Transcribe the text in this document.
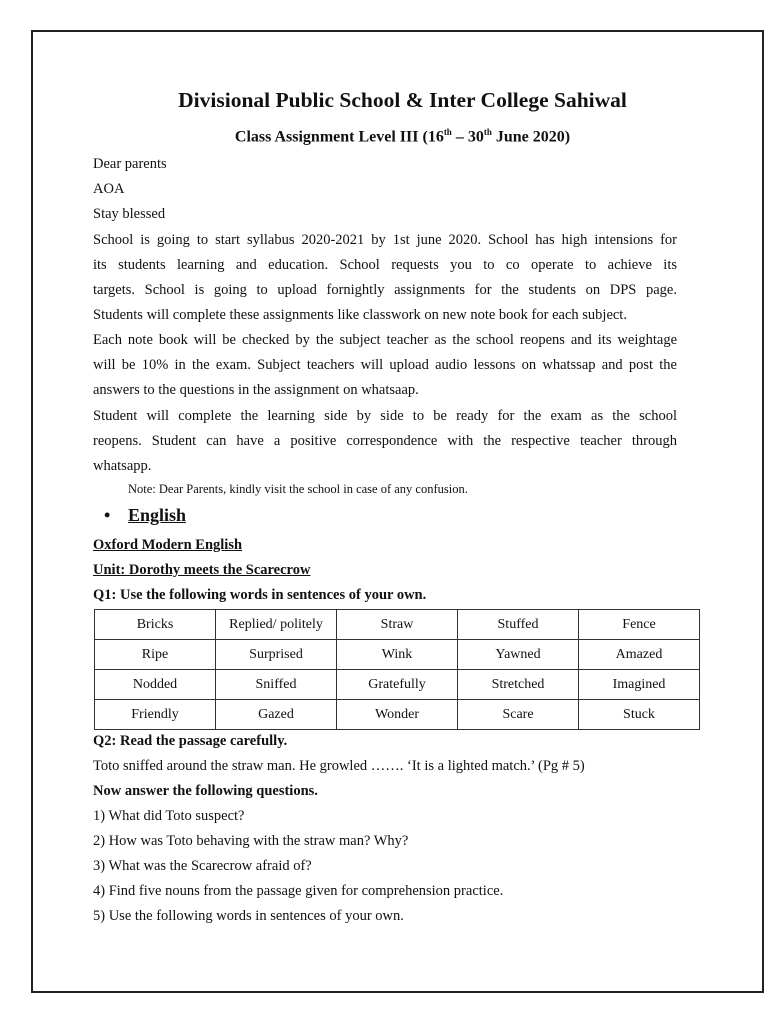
Divisional Public School & Inter College Sahiwal
Class Assignment Level III (16th – 30th June 2020)
Dear parents
AOA
Stay blessed
School is going to start syllabus 2020-2021 by 1st june 2020. School has high intensions for
its students learning and education. School requests you to co operate to achieve its
targets. School is going to upload fornightly assignments for the students on DPS page.
Students will complete these assignments like classwork on new note book for each subject.
Each note book will be checked by the subject teacher as the school reopens and its weightage
will be 10% in the exam. Subject teachers will upload audio lessons on whatssap and post the
answers to the questions in the assignment on whatsaap.
Student will complete the learning side by side to be ready for the exam as the school
reopens. Student can have a positive correspondence with the respective teacher through
whatsapp.
Note: Dear Parents, kindly visit the school in case of any confusion.
• English
Oxford Modern English
Unit: Dorothy meets the Scarecrow
Q1: Use the following words in sentences of your own.
Bricks	Replied/ politely	Straw	Stuffed	Fence
Ripe	Surprised	Wink	Yawned	Amazed
Nodded	Sniffed	Gratefully	Stretched	Imagined
Friendly	Gazed	Wonder	Scare	Stuck
Q2: Read the passage carefully.
Toto sniffed around the straw man. He growled ……. ‘It is a lighted match.’ (Pg # 5)
Now answer the following questions.
1) What did Toto suspect?
2) How was Toto behaving with the straw man? Why?
3) What was the Scarecrow afraid of?
4) Find five nouns from the passage given for comprehension practice.
5) Use the following words in sentences of your own.
